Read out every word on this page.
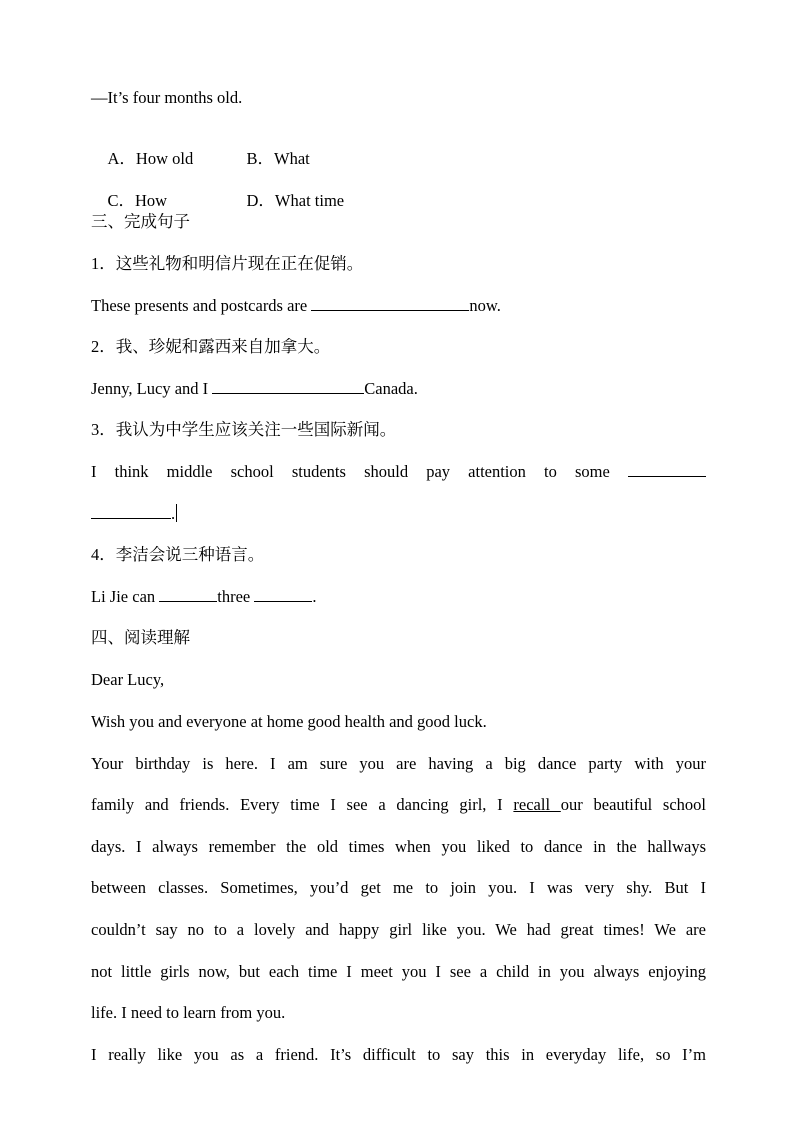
—It’s four months old.

A．How old	B．What

C．How	D．What time

三、完成句子
1．这些礼物和明信片现在正在促销。
These presents and postcards are	now.
2．我、珍妮和露西来自加拿大。
Jenny, Lucy and I	Canada.
3．我认为中学生应该关注一些国际新闻。
I think middle school students should pay attention to some
.
4．李洁会说三种语言。
Li Jie can	three	.
四、阅读理解
Dear Lucy,
Wish you and everyone at home good health and good luck.
Your birthday is here. I am sure you are having a big dance party with your
family and friends. Every time I see a dancing girl, I recall our beautiful school
days. I always remember the old times when you liked to dance in the hallways
between classes. Sometimes, you’d get me to join you. I was very shy. But I
couldn’t say no to a lovely and happy girl like you. We had great times! We are
not little girls now, but each time I meet you I see a child in you always enjoying
life. I need to learn from you.
I really like you as a friend. It’s difficult to say this in everyday life, so I’m
